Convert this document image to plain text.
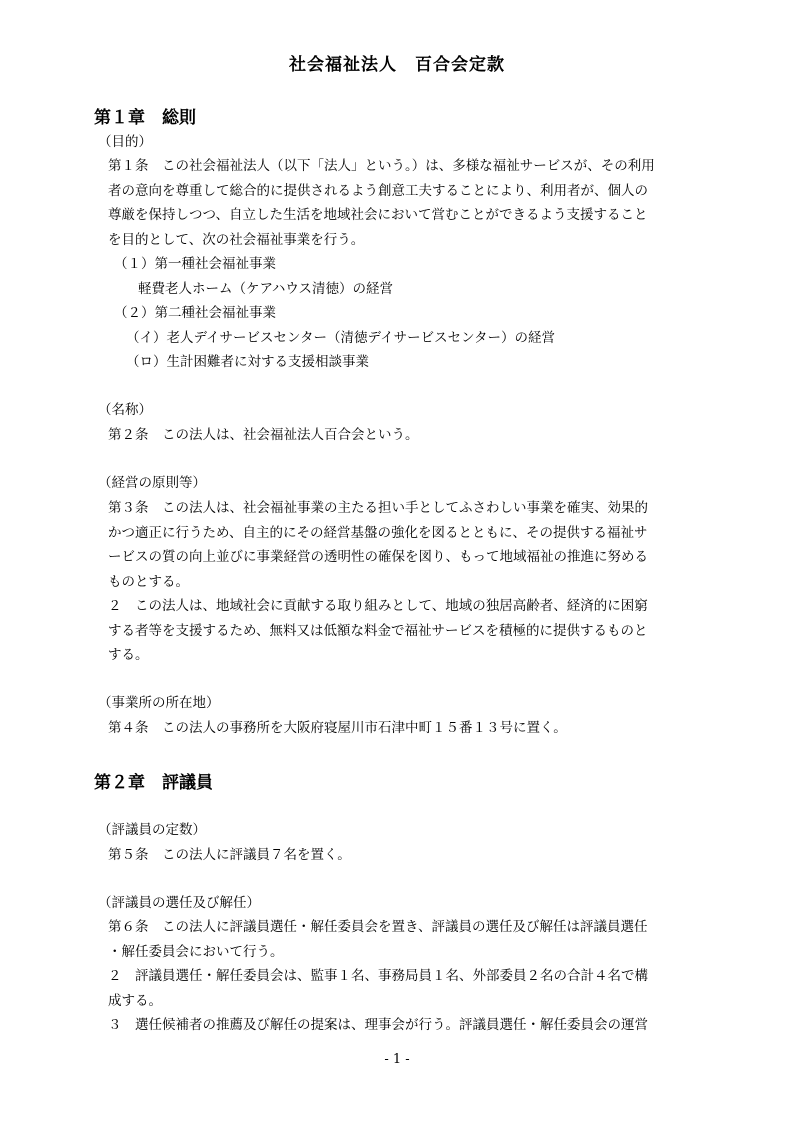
社会福祉法人　百合会定款
第１章　総則
（目的）
第１条　この社会福祉法人（以下「法人」という。）は、多様な福祉サービスが、その利用
者の意向を尊重して総合的に提供されるよう創意工夫することにより、利用者が、個人の
尊厳を保持しつつ、自立した生活を地域社会において営むことができるよう支援すること
を目的として、次の社会福祉事業を行う。
（１）第一種社会福祉事業
軽費老人ホーム（ケアハウス清徳）の経営
（２）第二種社会福祉事業
（イ）老人デイサービスセンター（清徳デイサービスセンター）の経営
（ロ）生計困難者に対する支援相談事業
（名称）
第２条　この法人は、社会福祉法人百合会という。
（経営の原則等）
第３条　この法人は、社会福祉事業の主たる担い手としてふさわしい事業を確実、効果的
かつ適正に行うため、自主的にその経営基盤の強化を図るとともに、その提供する福祉サ
ービスの質の向上並びに事業経営の透明性の確保を図り、もって地域福祉の推進に努める
ものとする。
２　この法人は、地域社会に貢献する取り組みとして、地域の独居高齢者、経済的に困窮
する者等を支援するため、無料又は低額な料金で福祉サービスを積極的に提供するものと
する。
（事業所の所在地）
第４条　この法人の事務所を大阪府寝屋川市石津中町１５番１３号に置く。
第２章　評議員
（評議員の定数）
第５条　この法人に評議員７名を置く。
（評議員の選任及び解任）
第６条　この法人に評議員選任・解任委員会を置き、評議員の選任及び解任は評議員選任
・解任委員会において行う。
２　評議員選任・解任委員会は、監事１名、事務局員１名、外部委員２名の合計４名で構
成する。
３　選任候補者の推薦及び解任の提案は、理事会が行う。評議員選任・解任委員会の運営
- 1 -
